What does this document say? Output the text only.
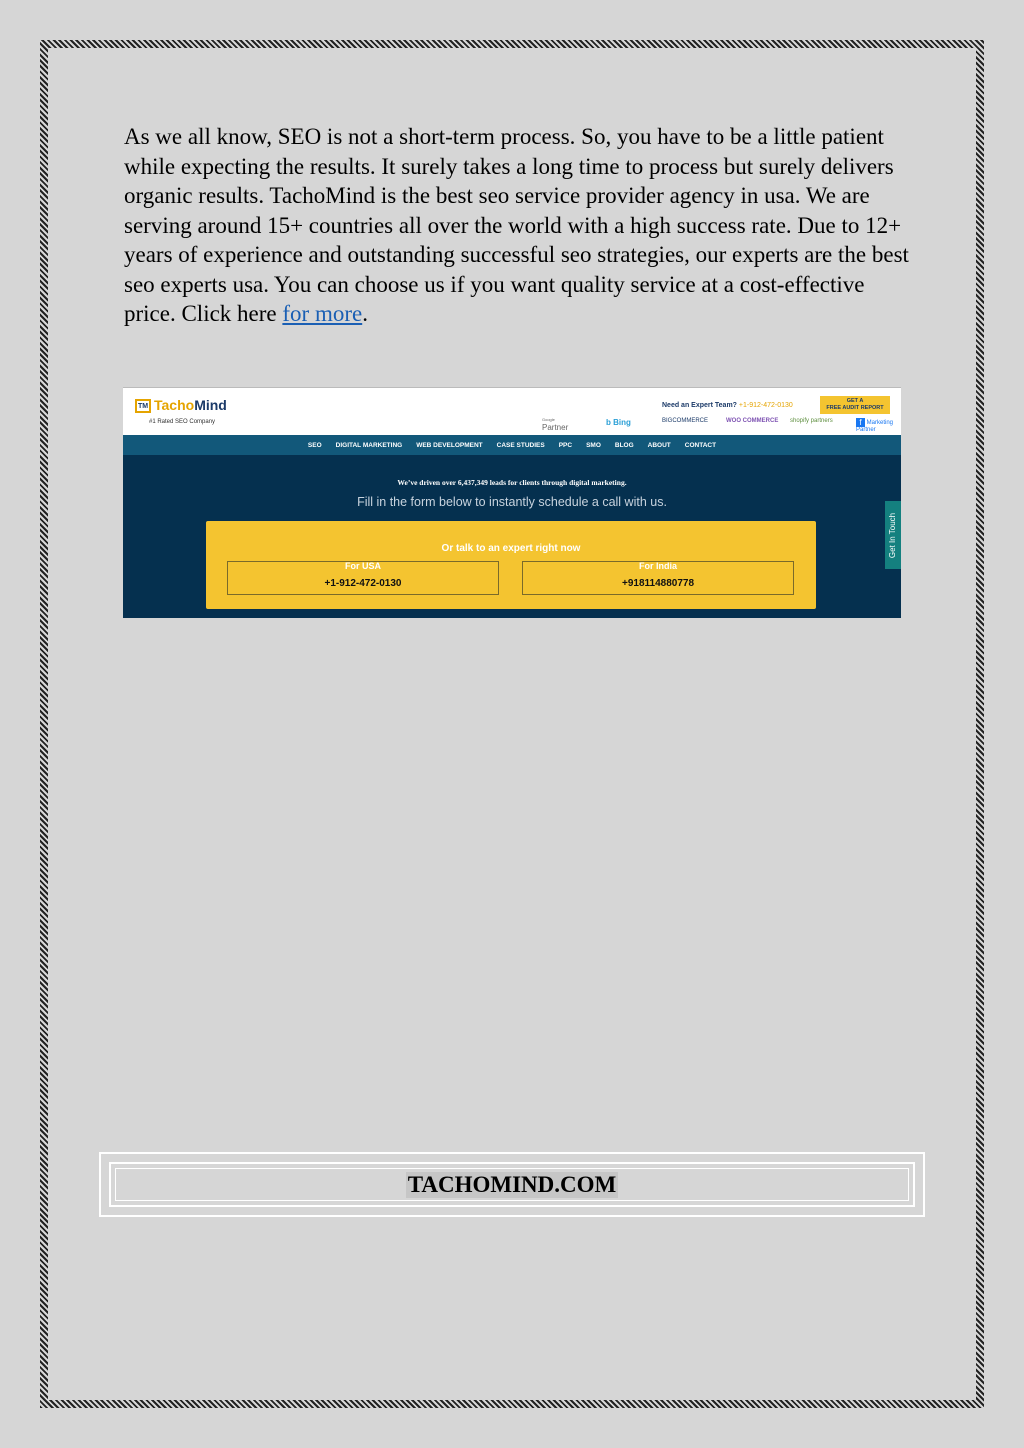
As we all know, SEO is not a short-term process. So, you have to be a little patient while expecting the results. It surely takes a long time to process but surely delivers organic results. TachoMind is the best seo service provider agency in usa. We are serving around 15+ countries all over the world with a high success rate. Due to 12+ years of experience and outstanding successful seo strategies, our experts are the best seo experts usa. You can choose us if you want quality service at a cost-effective price. Click here for more.

TM TachoMind
#1 Rated SEO Company
Need an Expert Team? +1-912-472-0130
GET A
FREE AUDIT REPORT
Google
Partner
b Bing	BIGCOMMERCE	WOO COMMERCE shopify partners	f Marketing Partner
SEO DIGITAL MARKETING WEB DEVELOPMENT CASE STUDIES PPC SMO BLOG ABOUT CONTACT
We’ve driven over 6,437,349 leads for clients through digital marketing.
Fill in the form below to instantly schedule a call with us.
Or talk to an expert right now
For USA
+1-912-472-0130
For India
+918114880778
Get In Touch
TACHOMIND.COM
